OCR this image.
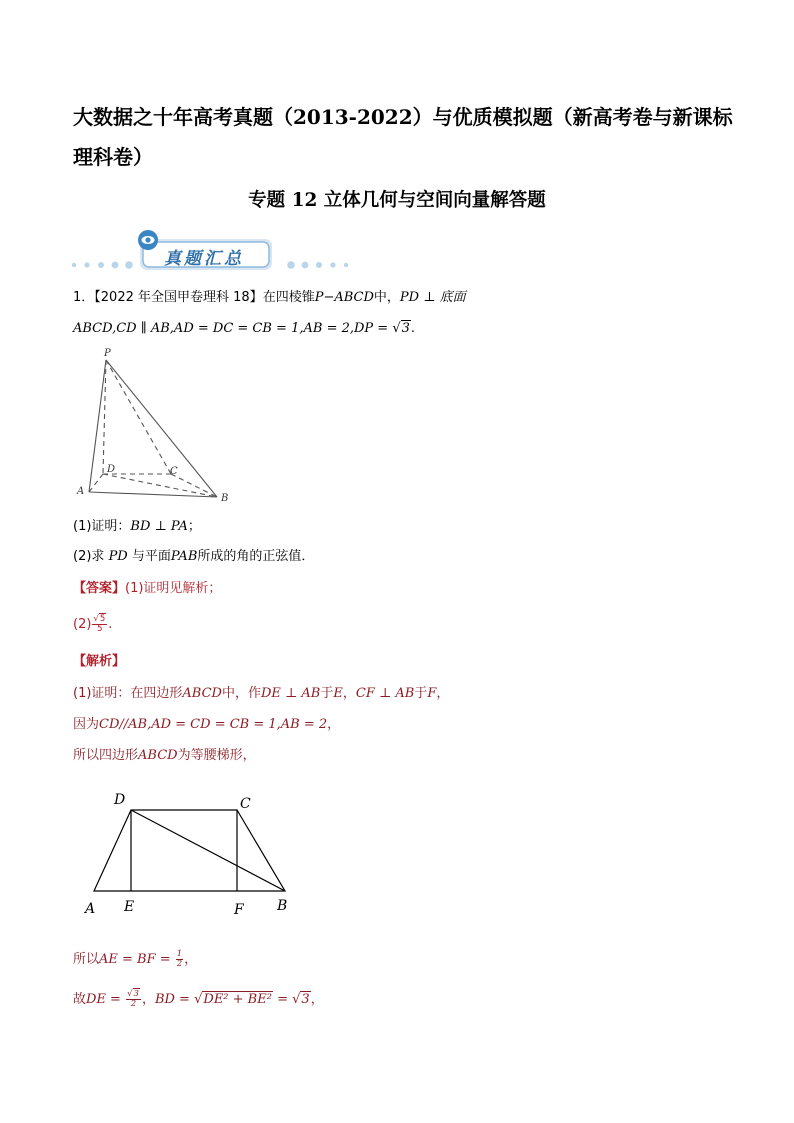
大数据之十年高考真题（2013-2022）与优质模拟题（新高考卷与新课标理科卷）
专题 12 立体几何与空间向量解答题
真题汇总
1．【2022 年全国甲卷理科 18】在四棱锥P−ABCD中，PD ⊥ 底面
ABCD,CD ∥ AB,AD = DC = CB = 1,AB = 2,DP = √3.
P
A
B
C
D
(1)证明：BD ⊥ PA；
(2)求 PD 与平面PAB所成的角的正弦值．
【答案】(1)证明见解析；
$(2) \frac{√5}{5}$ .
【解析】
(1)证明：在四边形ABCD中，作DE ⊥ AB于E，CF ⊥ AB于F，
因为CD//AB,AD = CD = CB = 1,AB = 2，
所以四边形ABCD为等腰梯形，
D	C
A E	F B
所以AE = BF = $\frac{1}{2}$ ，
故DE = $\frac{√3}{2}$ ，BD = √DE² + BE² = √3，
